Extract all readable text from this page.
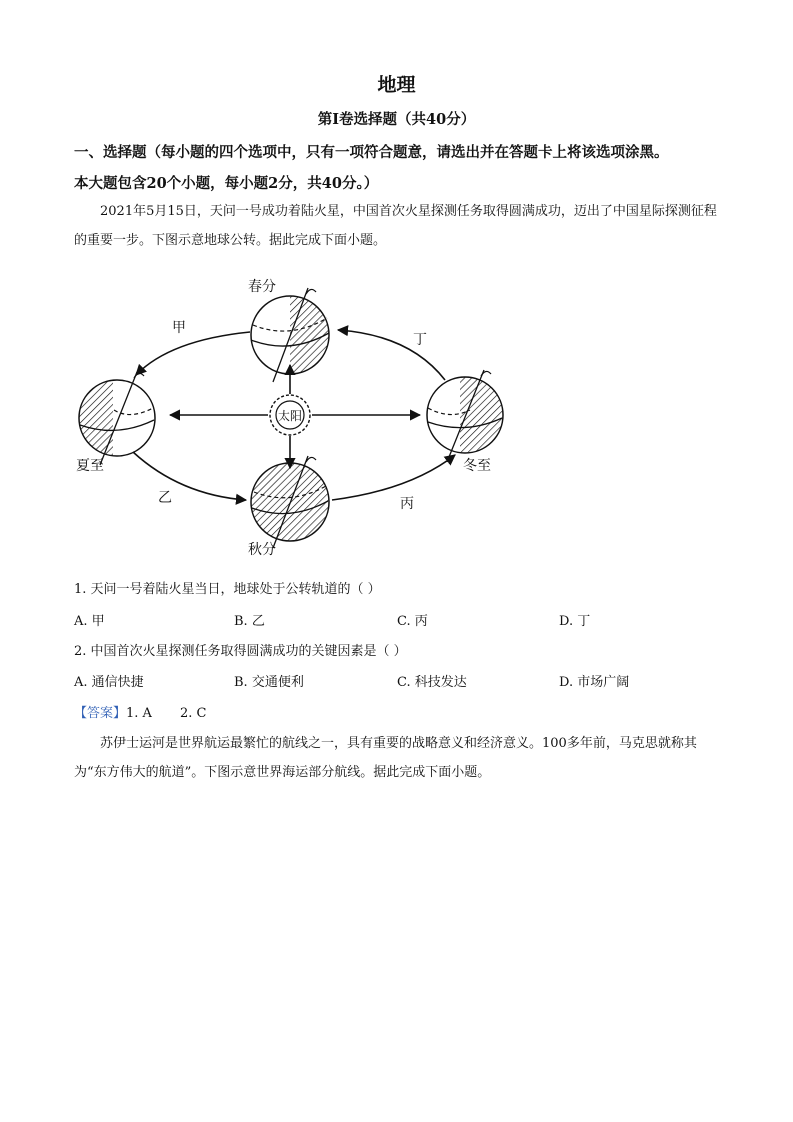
地理
第Ⅰ卷选择题（共40分）
一、选择题（每小题的四个选项中，只有一项符合题意，请选出并在答题卡上将该选项涂黑。
本大题包含20个小题，每小题2分，共40分。）
2021年5月15日，天问一号成功着陆火星，中国首次火星探测任务取得圆满成功，迈出了中国星际探测征程的重要一步。下图示意地球公转。据此完成下面小题。
太阳
春分
夏至	冬至
秋分
甲
乙	丙
丁
1. 天问一号着陆火星当日，地球处于公转轨道的（ ）
A. 甲	B. 乙	C. 丙	D. 丁
2. 中国首次火星探测任务取得圆满成功的关键因素是（ ）
A. 通信快捷	B. 交通便利	C. 科技发达	D. 市场广阔
【答案】1. A 2. C
苏伊士运河是世界航运最繁忙的航线之一，具有重要的战略意义和经济意义。100多年前，马克思就称其为“东方伟大的航道”。下图示意世界海运部分航线。据此完成下面小题。
